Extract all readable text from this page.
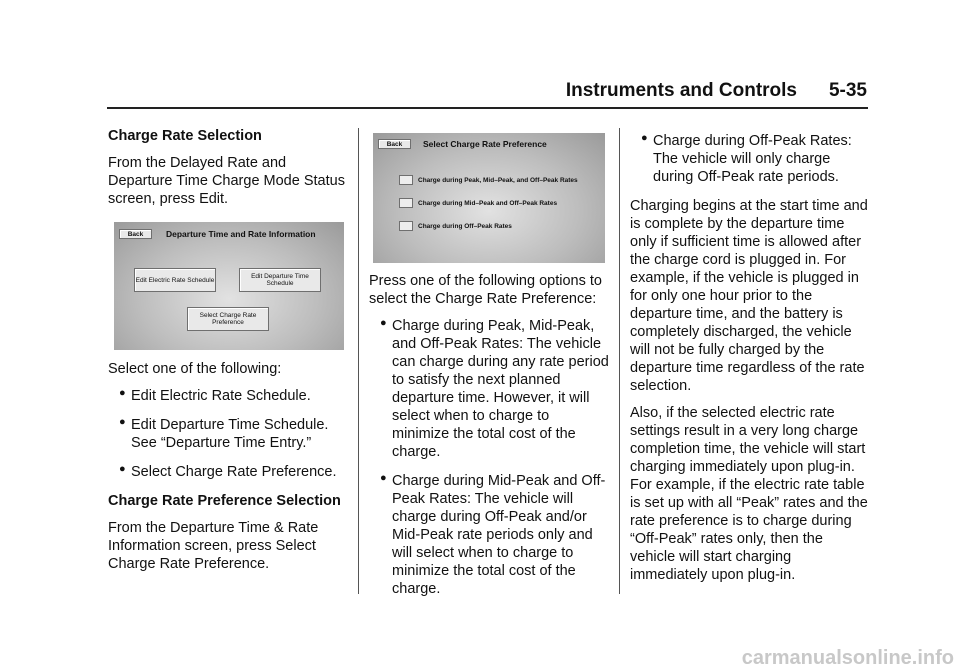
Instruments and Controls 5-35

Charge Rate Selection

From the Delayed Rate and Departure Time Charge Mode Status screen, press Edit.

Back	Departure Time and Rate Information
Edit Electric Rate Schedule	Edit Departure Time Schedule
Select Charge Rate Preference

Select one of the following:

● Edit Electric Rate Schedule.
● Edit Departure Time Schedule. See “Departure Time Entry.”
● Select Charge Rate Preference.

Charge Rate Preference Selection

From the Departure Time & Rate Information screen, press Select Charge Rate Preference.

Back	Select Charge Rate Preference
Charge during Peak, Mid–Peak, and Off–Peak Rates
Charge during Mid–Peak and Off–Peak Rates
Charge during Off–Peak Rates

Press one of the following options to select the Charge Rate Preference:

● Charge during Peak, Mid-Peak, and Off-Peak Rates: The vehicle can charge during any rate period to satisfy the next planned departure time. However, it will select when to charge to minimize the total cost of the charge.
● Charge during Mid-Peak and Off-Peak Rates: The vehicle will charge during Off-Peak and/or Mid-Peak rate periods only and will select when to charge to minimize the total cost of the charge.
● Charge during Off-Peak Rates: The vehicle will only charge during Off-Peak rate periods.

Charging begins at the start time and is complete by the departure time only if sufficient time is allowed after the charge cord is plugged in. For example, if the vehicle is plugged in for only one hour prior to the departure time, and the battery is completely discharged, the vehicle will not be fully charged by the departure time regardless of the rate selection.

Also, if the selected electric rate settings result in a very long charge completion time, the vehicle will start charging immediately upon plug-in. For example, if the electric rate table is set up with all “Peak” rates and the rate preference is to charge during “Off-Peak” rates only, then the vehicle will start charging immediately upon plug-in.

carmanualsonline.info
